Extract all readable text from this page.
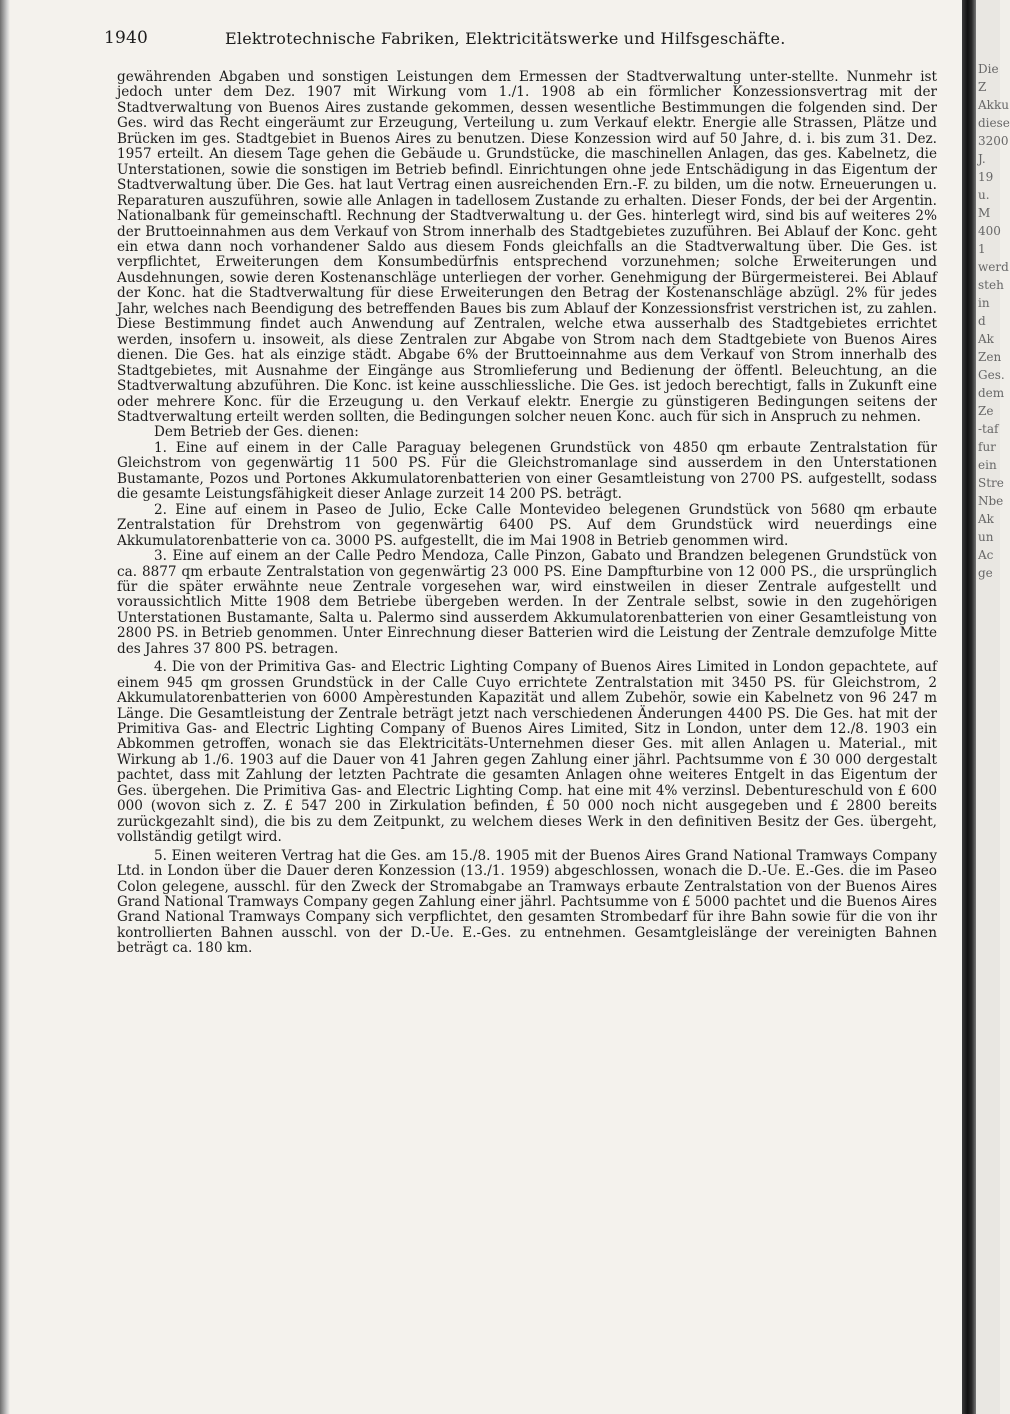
1940	Elektrotechnische Fabriken, Elektricitätswerke und Hilfsgeschäfte.

gewährenden Abgaben und sonstigen Leistungen dem Ermessen der Stadtverwaltung unter-stellte. Nunmehr ist jedoch unter dem Dez. 1907 mit Wirkung vom 1./1. 1908 ab ein förmlicher Konzessionsvertrag mit der Stadtverwaltung von Buenos Aires zustande gekommen, dessen wesentliche Bestimmungen die folgenden sind. Der Ges. wird das Recht eingeräumt zur Erzeugung, Verteilung u. zum Verkauf elektr. Energie alle Strassen, Plätze und Brücken im ges. Stadtgebiet in Buenos Aires zu benutzen. Diese Konzession wird auf 50 Jahre, d. i. bis zum 31. Dez. 1957 erteilt. An diesem Tage gehen die Gebäude u. Grundstücke, die maschinellen Anlagen, das ges. Kabelnetz, die Unterstationen, sowie die sonstigen im Betrieb befindl. Einrichtungen ohne jede Entschädigung in das Eigentum der Stadtverwaltung über. Die Ges. hat laut Vertrag einen ausreichenden Ern.-F. zu bilden, um die notw. Erneuerungen u. Reparaturen auszuführen, sowie alle Anlagen in tadellosem Zustande zu erhalten. Dieser Fonds, der bei der Argentin. Nationalbank für gemeinschaftl. Rechnung der Stadtverwaltung u. der Ges. hinterlegt wird, sind bis auf weiteres 2% der Bruttoeinnahmen aus dem Verkauf von Strom innerhalb des Stadtgebietes zuzuführen. Bei Ablauf der Konc. geht ein etwa dann noch vorhandener Saldo aus diesem Fonds gleichfalls an die Stadtverwaltung über. Die Ges. ist verpflichtet, Erweiterungen dem Konsumbedürfnis entsprechend vorzunehmen; solche Erweiterungen und Ausdehnungen, sowie deren Kostenanschläge unterliegen der vorher. Genehmigung der Bürgermeisterei. Bei Ablauf der Konc. hat die Stadtverwaltung für diese Erweiterungen den Betrag der Kostenanschläge abzügl. 2% für jedes Jahr, welches nach Beendigung des betreffenden Baues bis zum Ablauf der Konzessionsfrist verstrichen ist, zu zahlen. Diese Bestimmung findet auch Anwendung auf Zentralen, welche etwa ausserhalb des Stadtgebietes errichtet werden, insofern u. insoweit, als diese Zentralen zur Abgabe von Strom nach dem Stadtgebiete von Buenos Aires dienen. Die Ges. hat als einzige städt. Abgabe 6% der Bruttoeinnahme aus dem Verkauf von Strom innerhalb des Stadtgebietes, mit Ausnahme der Eingänge aus Stromlieferung und Bedienung der öffentl. Beleuchtung, an die Stadtverwaltung abzuführen. Die Konc. ist keine ausschliessliche. Die Ges. ist jedoch berechtigt, falls in Zukunft eine oder mehrere Konc. für die Erzeugung u. den Verkauf elektr. Energie zu günstigeren Bedingungen seitens der Stadtverwaltung erteilt werden sollten, die Bedingungen solcher neuen Konc. auch für sich in Anspruch zu nehmen.

Dem Betrieb der Ges. dienen:

1. Eine auf einem in der Calle Paraguay belegenen Grundstück von 4850 qm erbaute Zentralstation für Gleichstrom von gegenwärtig 11 500 PS. Für die Gleichstromanlage sind ausserdem in den Unterstationen Bustamante, Pozos und Portones Akkumulatorenbatterien von einer Gesamtleistung von 2700 PS. aufgestellt, sodass die gesamte Leistungsfähigkeit dieser Anlage zurzeit 14 200 PS. beträgt.

2. Eine auf einem in Paseo de Julio, Ecke Calle Montevideo belegenen Grundstück von 5680 qm erbaute Zentralstation für Drehstrom von gegenwärtig 6400 PS. Auf dem Grundstück wird neuerdings eine Akkumulatorenbatterie von ca. 3000 PS. aufgestellt, die im Mai 1908 in Betrieb genommen wird.

3. Eine auf einem an der Calle Pedro Mendoza, Calle Pinzon, Gabato und Brandzen belegenen Grundstück von ca. 8877 qm erbaute Zentralstation von gegenwärtig 23 000 PS. Eine Dampfturbine von 12 000 PS., die ursprünglich für die später erwähnte neue Zentrale vorgesehen war, wird einstweilen in dieser Zentrale aufgestellt und voraussichtlich Mitte 1908 dem Betriebe übergeben werden. In der Zentrale selbst, sowie in den zugehörigen Unterstationen Bustamante, Salta u. Palermo sind ausserdem Akkumulatorenbatterien von einer Gesamtleistung von 2800 PS. in Betrieb genommen. Unter Einrechnung dieser Batterien wird die Leistung der Zentrale demzufolge Mitte des Jahres 37 800 PS. betragen.

4. Die von der Primitiva Gas- and Electric Lighting Company of Buenos Aires Limited in London gepachtete, auf einem 945 qm grossen Grundstück in der Calle Cuyo errichtete Zentralstation mit 3450 PS. für Gleichstrom, 2 Akkumulatorenbatterien von 6000 Ampèrestunden Kapazität und allem Zubehör, sowie ein Kabelnetz von 96 247 m Länge. Die Gesamtleistung der Zentrale beträgt jetzt nach verschiedenen Änderungen 4400 PS. Die Ges. hat mit der Primitiva Gas- and Electric Lighting Company of Buenos Aires Limited, Sitz in London, unter dem 12./8. 1903 ein Abkommen getroffen, wonach sie das Elektricitäts-Unternehmen dieser Ges. mit allen Anlagen u. Material., mit Wirkung ab 1./6. 1903 auf die Dauer von 41 Jahren gegen Zahlung einer jährl. Pachtsumme von £ 30 000 dergestalt pachtet, dass mit Zahlung der letzten Pachtrate die gesamten Anlagen ohne weiteres Entgelt in das Eigentum der Ges. übergehen. Die Primitiva Gas- and Electric Lighting Comp. hat eine mit 4% verzinsl. Debentureschuld von £ 600 000 (wovon sich z. Z. £ 547 200 in Zirkulation befinden, £ 50 000 noch nicht ausgegeben und £ 2800 bereits zurückgezahlt sind), die bis zu dem Zeitpunkt, zu welchem dieses Werk in den definitiven Besitz der Ges. übergeht, vollständig getilgt wird.

5. Einen weiteren Vertrag hat die Ges. am 15./8. 1905 mit der Buenos Aires Grand National Tramways Company Ltd. in London über die Dauer deren Konzession (13./1. 1959) abgeschlossen, wonach die D.-Ue. E.-Ges. die im Paseo Colon gelegene, ausschl. für den Zweck der Stromabgabe an Tramways erbaute Zentralstation von der Buenos Aires Grand National Tramways Company gegen Zahlung einer jährl. Pachtsumme von £ 5000 pachtet und die Buenos Aires Grand National Tramways Company sich verpflichtet, den gesamten Strombedarf für ihre Bahn sowie für die von ihr kontrollierten Bahnen ausschl. von der D.-Ue. E.-Ges. zu entnehmen. Gesamtgleislänge der vereinigten Bahnen beträgt ca. 180 km.

Die
Z
Akku
diese
3200
J.
19
u.
M
400
1
werd
steh
in
d
Ak
Zen
Ges.
dem
Ze
-taf
fur
ein
Stre
Nbe
Ak
un
Ac
ge
